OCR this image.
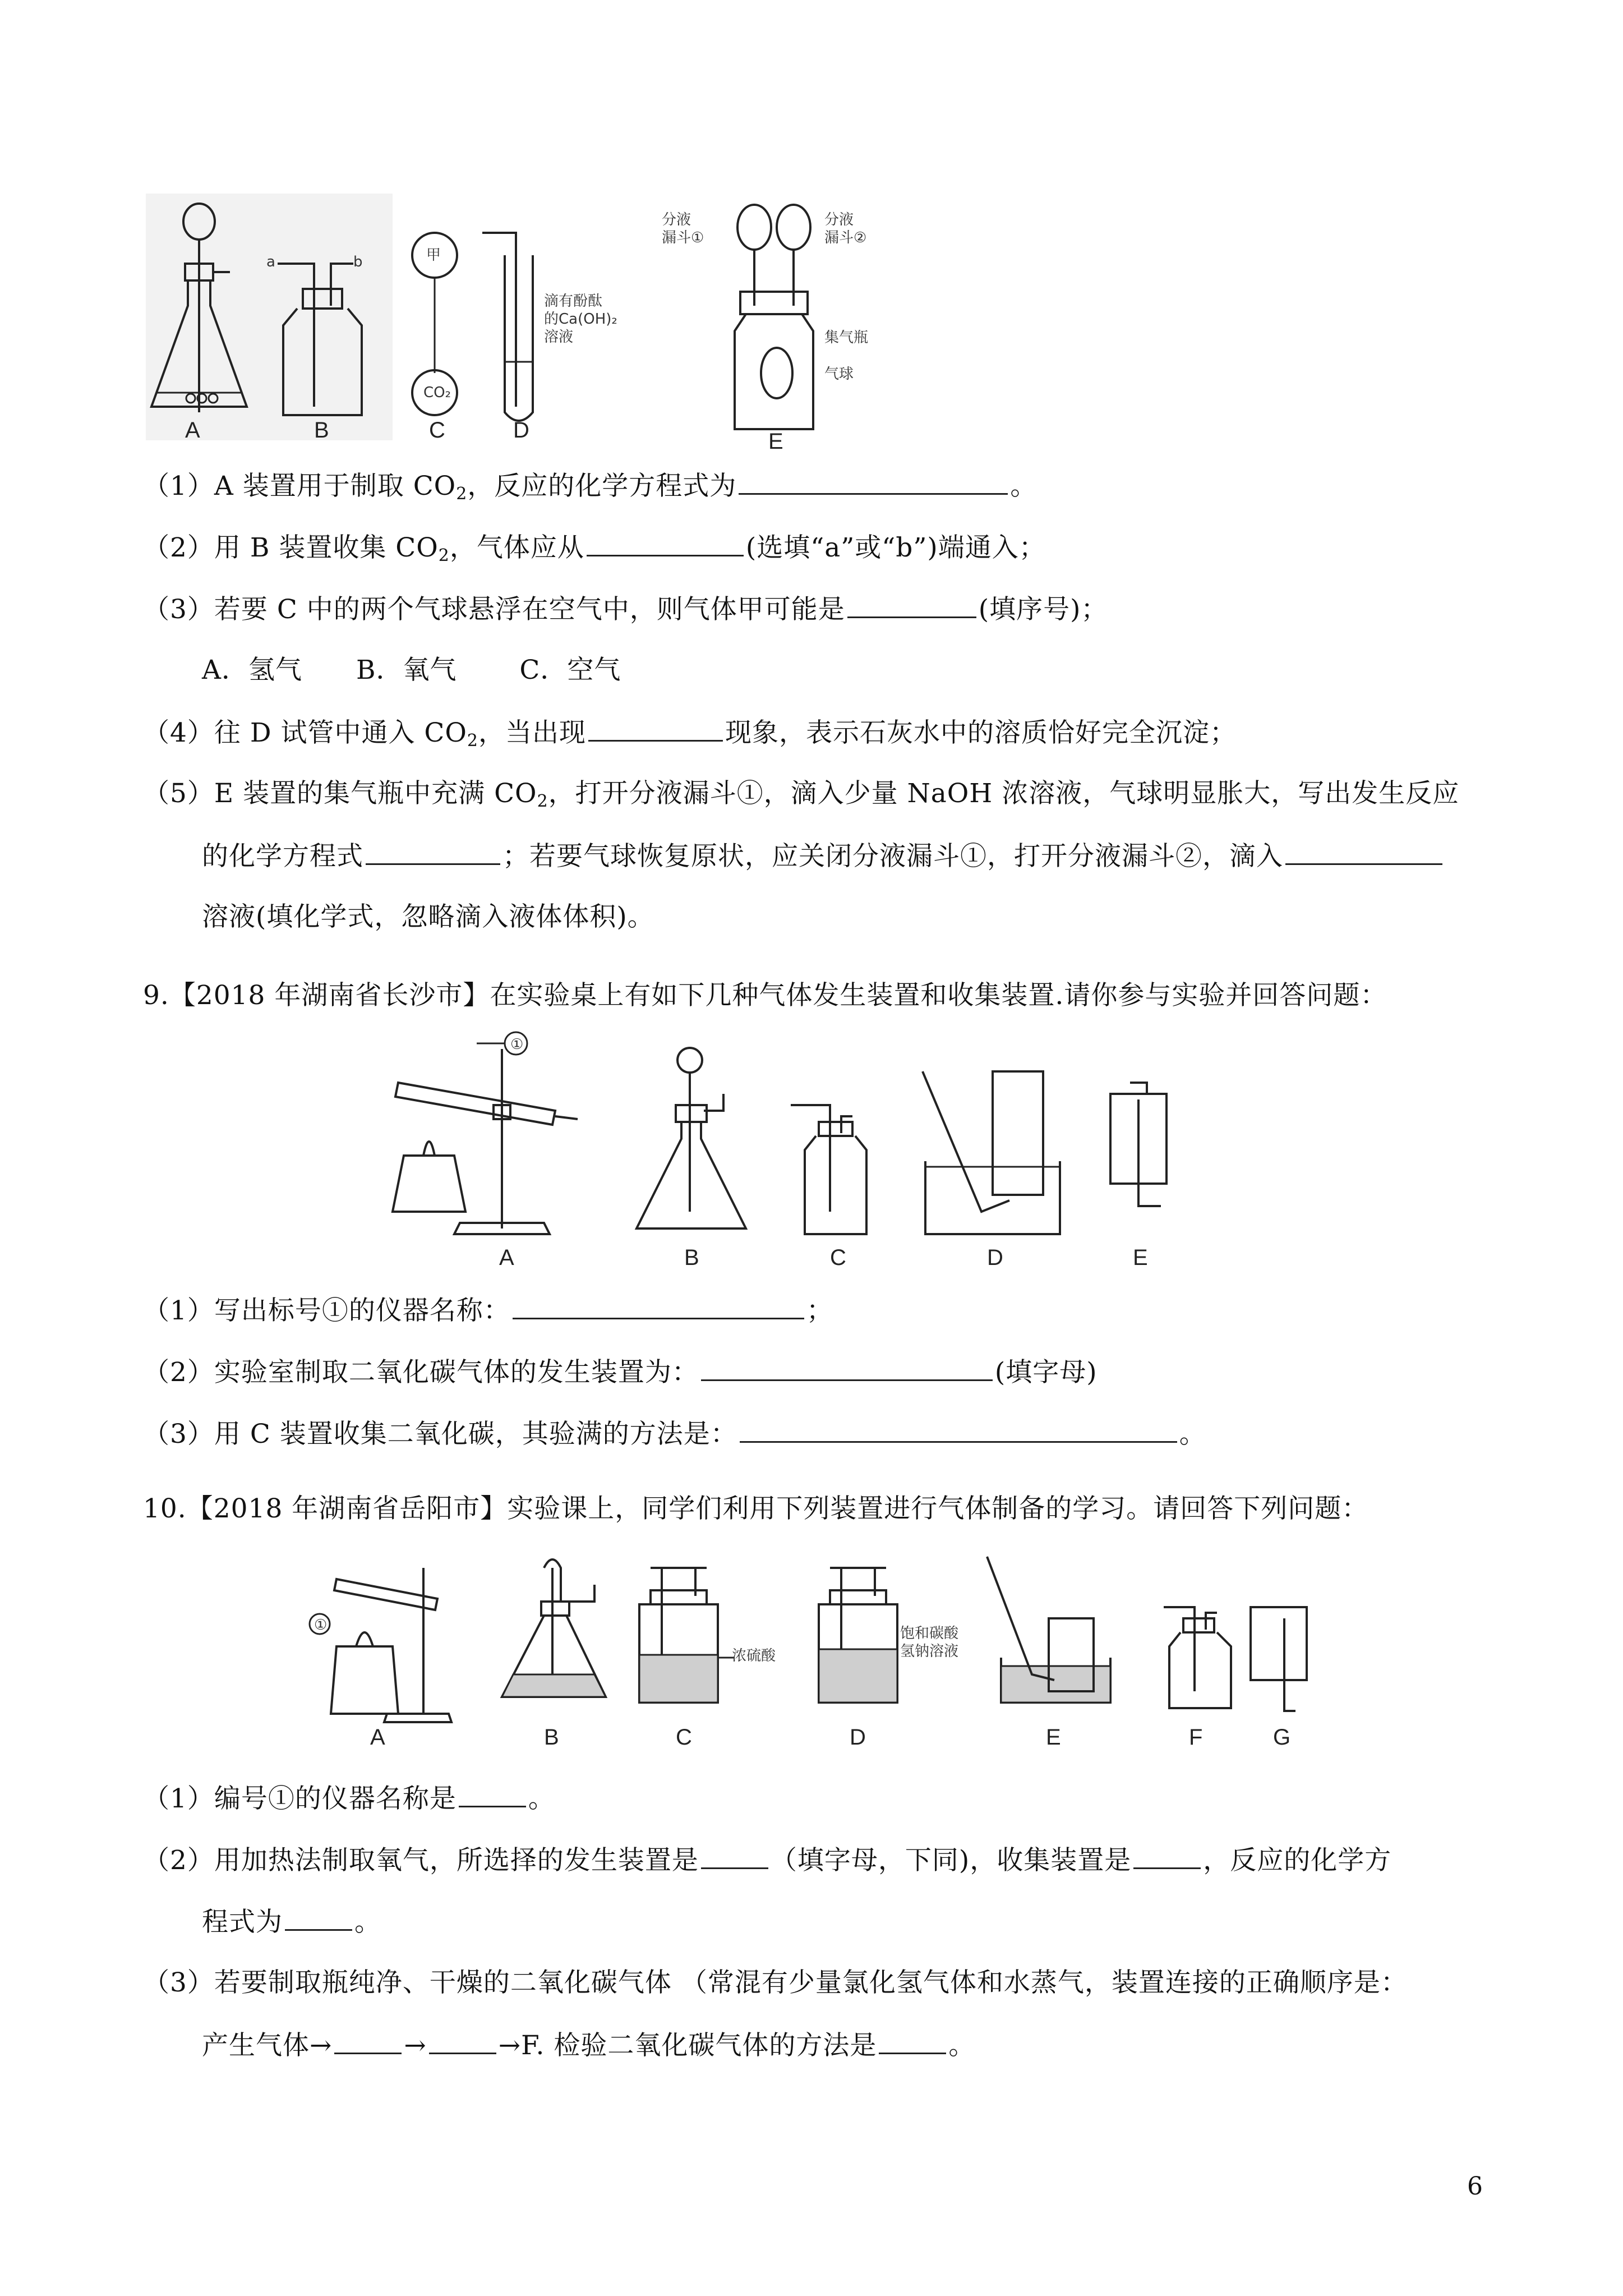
A
a	b
B
甲
CO₂
C
滴有酚酞
的Ca(OH)₂
溶液
D
分液
漏斗①
分液
漏斗②
集气瓶
气球
E
（1）A 装置用于制取 $CO_2$，反应的化学方程式为	。
（2）用 B 装置收集 $CO_2$，气体应从	(选填“a”或“b”)端通入；
（3）若要 C 中的两个气球悬浮在空气中，则气体甲可能是	(填序号)；
A．氢气　　B．氧气　　 C．空气
（4）往 D 试管中通入 $CO_2$，当出现	现象，表示石灰水中的溶质恰好完全沉淀；
（5）E 装置的集气瓶中充满 $CO_2$，打开分液漏斗①，滴入少量 NaOH 浓溶液，气球明显胀大，写出发生反应
的化学方程式	；若要气球恢复原状，应关闭分液漏斗①，打开分液漏斗②，滴入
溶液(填化学式，忽略滴入液体体积)。
9.【2018 年湖南省长沙市】在实验桌上有如下几种气体发生装置和收集装置.请你参与实验并回答问题：
①
A	B	C	D	E
（1）写出标号①的仪器名称：	；
（2）实验室制取二氧化碳气体的发生装置为：	(填字母)
（3）用 C 装置收集二氧化碳，其验满的方法是：	。
10.【2018 年湖南省岳阳市】实验课上，同学们利用下列装置进行气体制备的学习。请回答下列问题：
①
A	B
浓硫酸
C
饱和碳酸
氢钠溶液
D	E	F	G
（1）编号①的仪器名称是	。
（2）用加热法制取氧气，所选择的发生装置是	（填字母，下同)，收集装置是	，反应的化学方
程式为	。
（3）若要制取瓶纯净、干燥的二氧化碳气体 （常混有少量氯化氢气体和水蒸气，装置连接的正确顺序是：
产生气体→	→	→F. 检验二氧化碳气体的方法是	。
6
